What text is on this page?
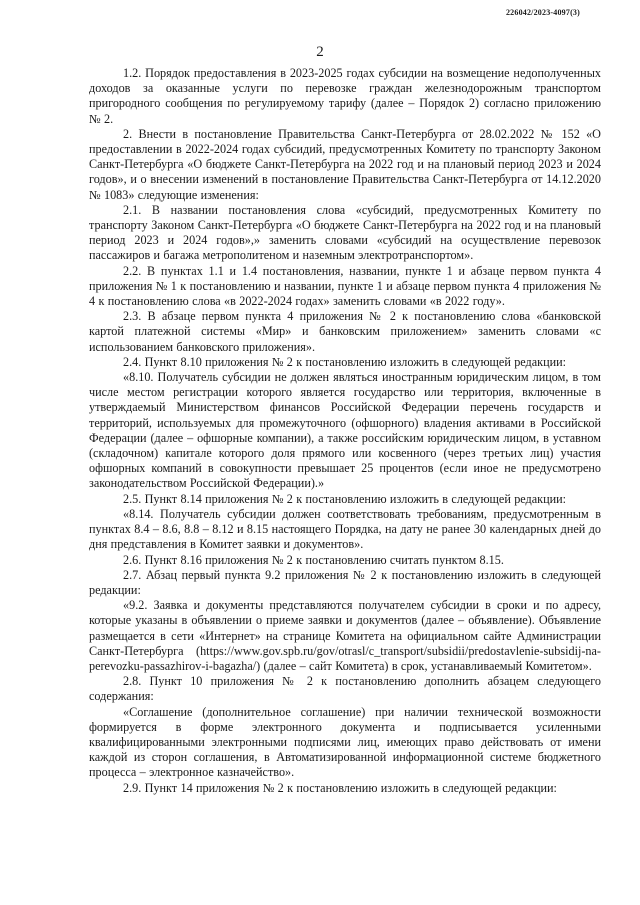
226042/2023-4097(3)
2

1.2. Порядок предоставления в 2023-2025 годах субсидии на возмещение недополученных доходов за оказанные услуги по перевозке граждан железнодорожным транспортом пригородного сообщения по регулируемому тарифу (далее – Порядок 2) согласно приложению № 2.

2. Внести в постановление Правительства Санкт-Петербурга от 28.02.2022 № 152 «О предоставлении в 2022-2024 годах субсидий, предусмотренных Комитету по транспорту Законом Санкт-Петербурга «О бюджете Санкт-Петербурга на 2022 год и на плановый период 2023 и 2024 годов», и о внесении изменений в постановление Правительства Санкт-Петербурга от 14.12.2020 № 1083» следующие изменения:

2.1. В названии постановления слова «субсидий, предусмотренных Комитету по транспорту Законом Санкт-Петербурга «О бюджете Санкт-Петербурга на 2022 год и на плановый период 2023 и 2024 годов»,» заменить словами «субсидий на осуществление перевозок пассажиров и багажа метрополитеном и наземным электротранспортом».

2.2. В пунктах 1.1 и 1.4 постановления, названии, пункте 1 и абзаце первом пункта 4 приложения № 1 к постановлению и названии, пункте 1 и абзаце первом пункта 4 приложения № 4 к постановлению слова «в 2022-2024 годах» заменить словами «в 2022 году».

2.3. В абзаце первом пункта 4 приложения № 2 к постановлению слова «банковской картой платежной системы «Мир» и банковским приложением» заменить словами «с использованием банковского приложения».

2.4. Пункт 8.10 приложения № 2 к постановлению изложить в следующей редакции:

«8.10. Получатель субсидии не должен являться иностранным юридическим лицом, в том числе местом регистрации которого является государство или территория, включенные в утверждаемый Министерством финансов Российской Федерации перечень государств и территорий, используемых для промежуточного (офшорного) владения активами в Российской Федерации (далее – офшорные компании), а также российским юридическим лицом, в уставном (складочном) капитале которого доля прямого или косвенного (через третьих лиц) участия офшорных компаний в совокупности превышает 25 процентов (если иное не предусмотрено законодательством Российской Федерации).»

2.5. Пункт 8.14 приложения № 2 к постановлению изложить в следующей редакции:

«8.14. Получатель субсидии должен соответствовать требованиям, предусмотренным в пунктах 8.4 – 8.6, 8.8 – 8.12 и 8.15 настоящего Порядка, на дату не ранее 30 календарных дней до дня представления в Комитет заявки и документов».

2.6. Пункт 8.16 приложения № 2 к постановлению считать пунктом 8.15.

2.7. Абзац первый пункта 9.2 приложения № 2 к постановлению изложить в следующей редакции:

«9.2. Заявка и документы представляются получателем субсидии в сроки и по адресу, которые указаны в объявлении о приеме заявки и документов (далее – объявление). Объявление размещается в сети «Интернет» на странице Комитета на официальном сайте Администрации Санкт-Петербурга (https://www.gov.spb.ru/gov/otrasl/c_transport/subsidii/predostavlenie-subsidij-na-perevozku-passazhirov-i-bagazha/) (далее – сайт Комитета) в срок, устанавливаемый Комитетом».

2.8. Пункт 10 приложения № 2 к постановлению дополнить абзацем следующего содержания:

«Соглашение (дополнительное соглашение) при наличии технической возможности формируется в форме электронного документа и подписывается усиленными квалифицированными электронными подписями лиц, имеющих право действовать от имени каждой из сторон соглашения, в Автоматизированной информационной системе бюджетного процесса – электронное казначейство».

2.9. Пункт 14 приложения № 2 к постановлению изложить в следующей редакции:
